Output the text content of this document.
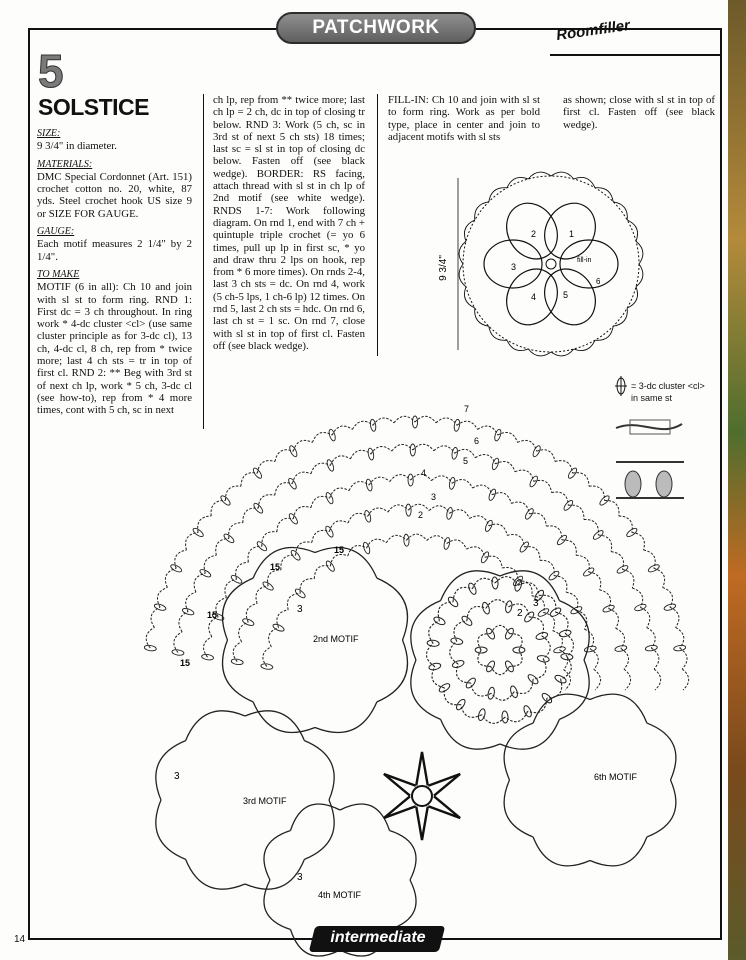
PATCHWORK	Roomfiller
5
SOLSTICE
SIZE:

9 3/4" in diameter.

MATERIALS:

DMC Special Cordonnet (Art. 151) crochet cotton no. 20, white, 87 yds. Steel crochet hook US size 9 or SIZE FOR GAUGE.

GAUGE:

Each motif measures 2 1/4" by 2 1/4".

TO MAKE

MOTIF (6 in all): Ch 10 and join with sl st to form ring. RND 1: First dc = 3 ch throughout. In ring work * 4-dc cluster <cl> (use same cluster principle as for 3-dc cl), 13 ch, 4-dc cl, 8 ch, rep from * twice more; last 4 ch sts = tr in top of first cl. RND 2: ** Beg with 3rd st of next ch lp, work * 5 ch, 3-dc cl (see how-to), rep from * 4 more times, cont with 5 ch, sc in next

ch lp, rep from ** twice more; last ch lp = 2 ch, dc in top of closing tr below. RND 3: Work (5 ch, sc in 3rd st of next 5 ch sts) 18 times; last sc = sl st in top of closing dc below. Fasten off (see black wedge). BORDER: RS facing, attach thread with sl st in ch lp of 2nd motif (see white wedge). RNDS 1-7: Work following diagram. On rnd 1, end with 7 ch + quintuple triple crochet (= yo 6 times, pull up lp in first sc, * yo and draw thru 2 lps on hook, rep from * 6 more times). On rnds 2-4, last 3 ch sts = dc. On rnd 4, work (5 ch-5 lps, 1 ch-6 lp) 12 times. On rnd 5, last 2 ch sts = hdc. On rnd 6, last ch st = 1 sc. On rnd 7, close with sl st in top of first cl. Fasten off (see black wedge).

FILL-IN: Ch 10 and join with sl st to form ring. Work as per bold type, place in center and join to adjacent motifs with sl sts

as shown; close with sl st in top of first cl. Fasten off (see black wedge).

9 3/4"	fill-in
1
2
3
4	5
6
= 3-dc cluster <cl>
in same st
2nd MOTIF
3rd MOTIF
4th MOTIF
6th MOTIF
15
15
15
15
3
3
3
2
3
7
6
5
4
3
2
14	intermediate
